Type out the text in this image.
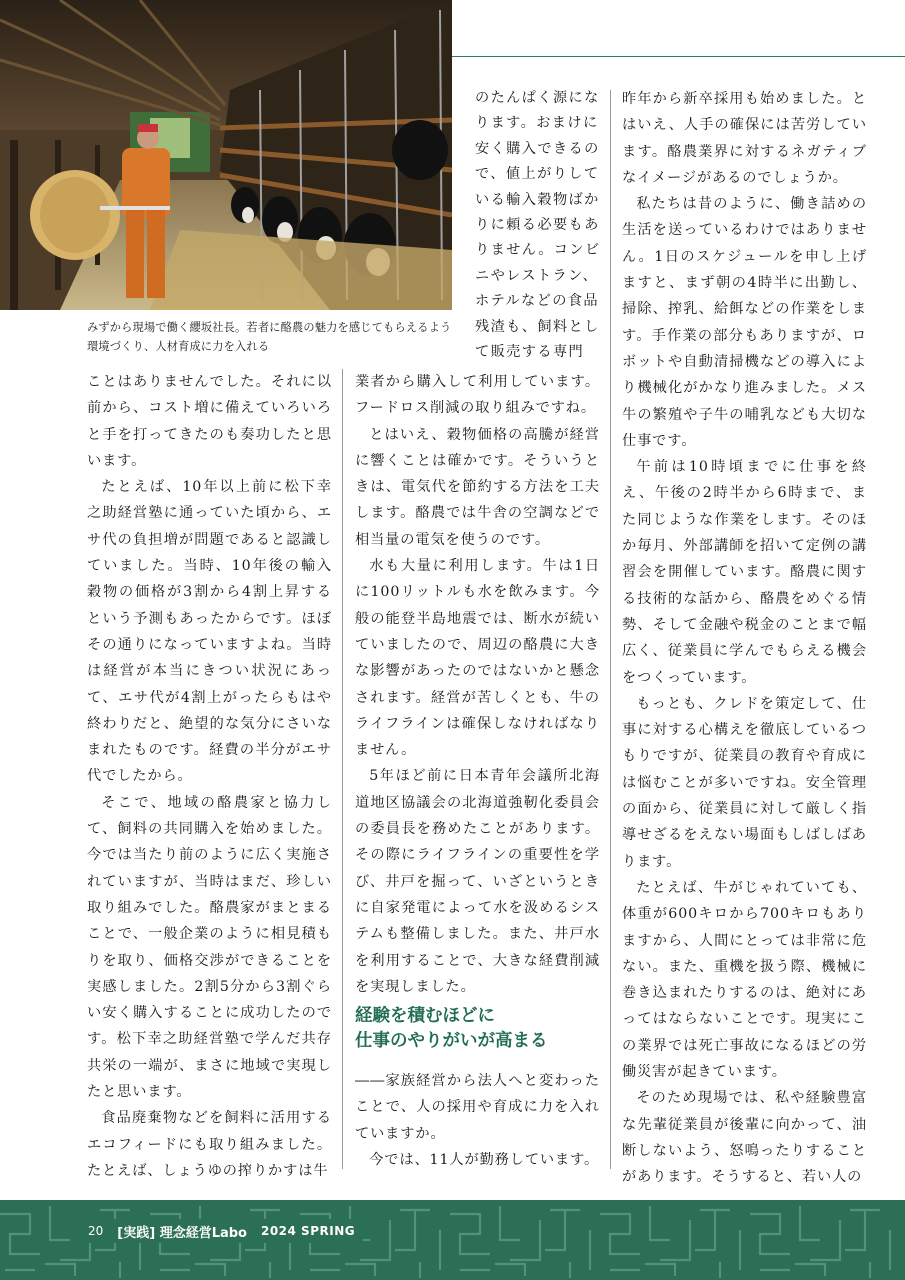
みずから現場で働く纓坂社長。若者に酪農の魅力を感じてもらえるよう環境づくり、人材育成に力を入れる
のたんぱく源にな
ります。おまけに
安く購入できるの
で、値上がりして
いる輸入穀物ばか
りに頼る必要もあ
りません。コンビ
ニやレストラン、
ホテルなどの食品
残渣も、飼料とし
て販売する専門

ことはありませんでした。それに以前から、コスト増に備えていろいろと手を打ってきたのも奏功したと思います。

たとえば、10年以上前に松下幸之助経営塾に通っていた頃から、エサ代の負担増が問題であると認識していました。当時、10年後の輸入穀物の価格が3割から4割上昇するという予測もあったからです。ほぼその通りになっていますよね。当時は経営が本当にきつい状況にあって、エサ代が4割上がったらもはや終わりだと、絶望的な気分にさいなまれたものです。経費の半分がエサ代でしたから。

そこで、地域の酪農家と協力して、飼料の共同購入を始めました。今では当たり前のように広く実施されていますが、当時はまだ、珍しい取り組みでした。酪農家がまとまることで、一般企業のように相見積もりを取り、価格交渉ができることを実感しました。2割5分から3割ぐらい安く購入することに成功したのです。松下幸之助経営塾で学んだ共存共栄の一端が、まさに地域で実現したと思います。

食品廃棄物などを飼料に活用するエコフィードにも取り組みました。たとえば、しょうゆの搾りかすは牛

業者から購入して利用しています。フードロス削減の取り組みですね。

とはいえ、穀物価格の高騰が経営に響くことは確かです。そういうときは、電気代を節約する方法を工夫します。酪農では牛舎の空調などで相当量の電気を使うのです。

水も大量に利用します。牛は1日に100リットルも水を飲みます。今般の能登半島地震では、断水が続いていましたので、周辺の酪農に大きな影響があったのではないかと懸念されます。経営が苦しくとも、牛のライフラインは確保しなければなりません。

5年ほど前に日本青年会議所北海道地区協議会の北海道強靭化委員会の委員長を務めたことがあります。その際にライフラインの重要性を学び、井戸を掘って、いざというときに自家発電によって水を汲めるシステムも整備しました。また、井戸水を利用することで、大きな経費削減を実現しました。

経験を積むほどに
仕事のやりがいが高まる

――家族経営から法人へと変わったことで、人の採用や育成に力を入れていますか。

今では、11人が勤務しています。

昨年から新卒採用も始めました。とはいえ、人手の確保には苦労しています。酪農業界に対するネガティブなイメージがあるのでしょうか。

私たちは昔のように、働き詰めの生活を送っているわけではありません。1日のスケジュールを申し上げますと、まず朝の4時半に出勤し、掃除、搾乳、給餌などの作業をします。手作業の部分もありますが、ロボットや自動清掃機などの導入により機械化がかなり進みました。メス牛の繁殖や子牛の哺乳なども大切な仕事です。

午前は10時頃までに仕事を終え、午後の2時半から6時まで、また同じような作業をします。そのほか毎月、外部講師を招いて定例の講習会を開催しています。酪農に関する技術的な話から、酪農をめぐる情勢、そして金融や税金のことまで幅広く、従業員に学んでもらえる機会をつくっています。

もっとも、クレドを策定して、仕事に対する心構えを徹底しているつもりですが、従業員の教育や育成には悩むことが多いですね。安全管理の面から、従業員に対して厳しく指導せざるをえない場面もしばしばあります。

たとえば、牛がじゃれていても、体重が600キロから700キロもありますから、人間にとっては非常に危ない。また、重機を扱う際、機械に巻き込まれたりするのは、絶対にあってはならないことです。現実にこの業界では死亡事故になるほどの労働災害が起きています。

そのため現場では、私や経験豊富な先輩従業員が後輩に向かって、油断しないよう、怒鳴ったりすることがあります。そうすると、若い人の

20 [実践] 理念経営Labo 2024 SPRING
